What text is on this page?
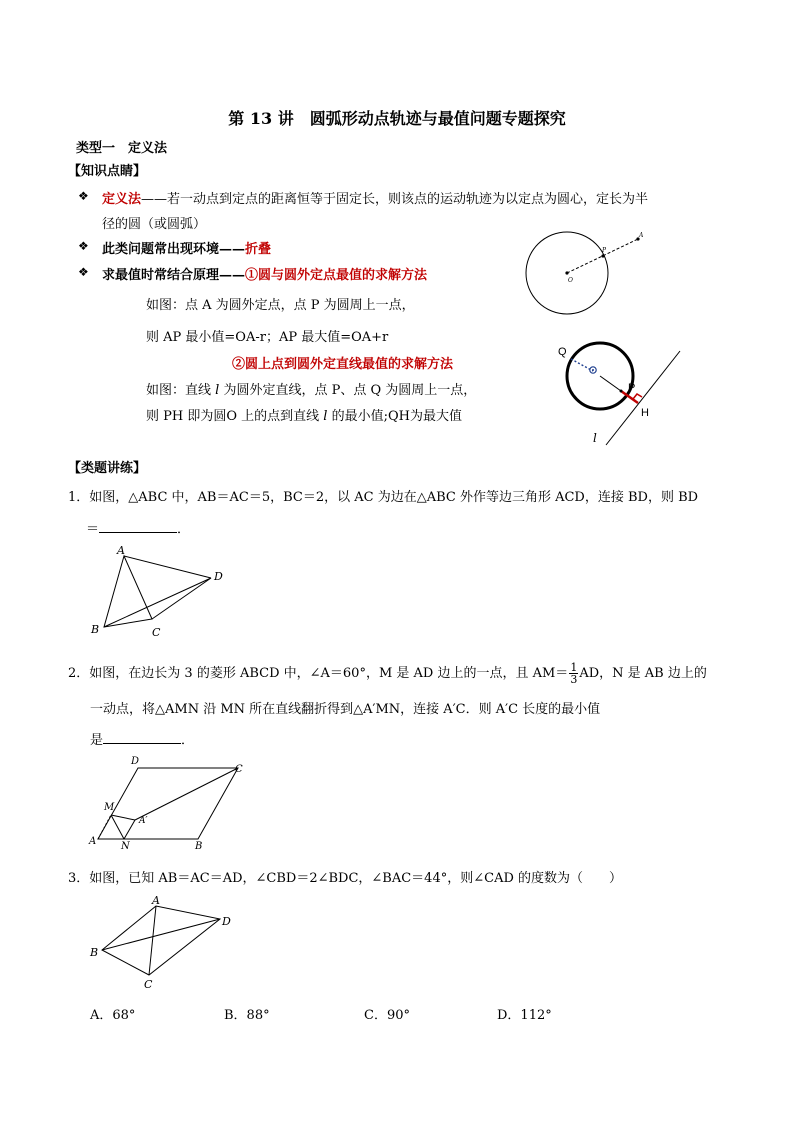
第 13 讲　圆弧形动点轨迹与最值问题专题探究
类型一　定义法
【知识点睛】
❖ 定义法——若一动点到定点的距离恒等于固定长，则该点的运动轨迹为以定点为圆心，定长为半
径的圆（或圆弧）
❖ 此类问题常出现环境——折叠
❖ 求最值时常结合原理——①圆与圆外定点最值的求解方法
如图：点 A 为圆外定点，点 P 为圆周上一点，
则 AP 最小值=OA-r；AP 最大值=OA+r
②圆上点到圆外定直线最值的求解方法
如图：直线 l 为圆外定直线，点 P、点 Q 为圆周上一点，
则 PH 即为圆O 上的点到直线 l 的最小值;QH为最大值
O
P
A
Q
P
H
l
【类题讲练】
1．如图，△ABC 中，AB＝AC＝5，BC＝2，以 AC 为边在△ABC 外作等边三角形 ACD，连接 BD，则 BD
＝	．
A
B	C
D
2．如图，在边长为 3 的菱形 ABCD 中，∠A＝60°，M 是 AD 边上的一点，且 $AM= \frac{1}{3}$ AD，N 是 AB 边上的
一动点，将△AMN 沿 MN 所在直线翻折得到△A′MN，连接 A′C．则 A′C 长度的最小值
是	．
D
C
M
A′
A N	B
3．如图，已知 AB＝AC＝AD，∠CBD＝2∠BDC，∠BAC＝44°，则∠CAD 的度数为（　　）
A
B
C
D
A．68°	B．88°	C．90°	D．112°
